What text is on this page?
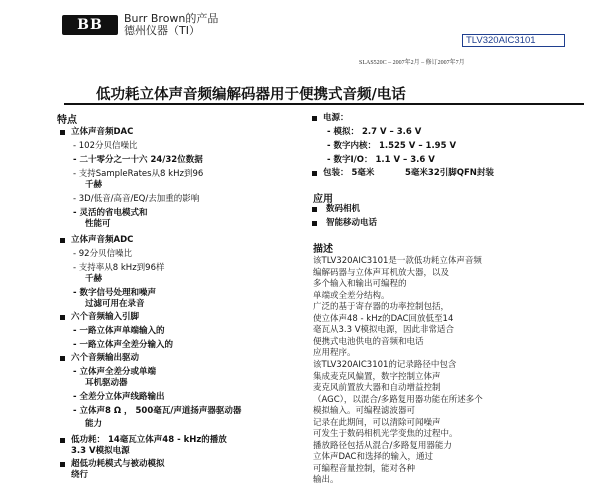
BB	Burr Brown的产品
德州仪器（TI）
TLV320AIC3101
SLAS520C – 2007年2月 – 修订2007年7月
低功耗立体声音频编解码器用于便携式音频/电话
特点
立体声音频DAC
- 102分贝信噪比
- 二十零分之一十六 24/32位数据
- 支持SampleRates从8 kHz到96
千赫
- 3D/低音/高音/EQ/去加重的影响
- 灵活的省电模式和
性能可
立体声音频ADC
- 92分贝信噪比
- 支持率从8 kHz到96样
千赫
- 数字信号处理和噪声
过滤可用在录音
六个音频输入引脚
- 一路立体声单端输入的
- 一路立体声全差分输入的
六个音频输出驱动
- 立体声全差分或单端
耳机驱动器
- 全差分立体声线路输出
- 立体声8 Ω ， 500毫瓦/声道扬声器驱动器
能力
低功耗： 14毫瓦立体声48 - kHz的播放
3.3 V模拟电源
超低功耗模式与被动模拟
绕行
电源：
- 模拟： 2.7 V – 3.6 V
- 数字内核： 1.525 V – 1.95 V
- 数字I/O： 1.1 V – 3.6 V
包装： 5毫米	5毫米32引脚QFN封装
应用
数码相机
智能移动电话
描述
该TLV320AIC3101是一款低功耗立体声音频
编解码器与立体声耳机放大器，以及
多个输入和输出可编程的
单端或全差分结构。
广泛的基于寄存器的功率控制包括，
使立体声48 - kHz的DAC回放低至14
毫瓦从3.3 V模拟电源，因此非常适合
便携式电池供电的音频和电话
应用程序。
该TLV320AIC3101的记录路径中包含
集成麦克风偏置，数字控制立体声
麦克风前置放大器和自动增益控制
（AGC），以混合/多路复用器功能在所述多个
模拟输入。可编程滤波器可
记录在此期间，可以清除可闻噪声
可发生于数码相机光学变焦的过程中。
播放路径包括从混合/多路复用器能力
立体声DAC和选择的输入，通过
可编程音量控制，能对各种
输出。
